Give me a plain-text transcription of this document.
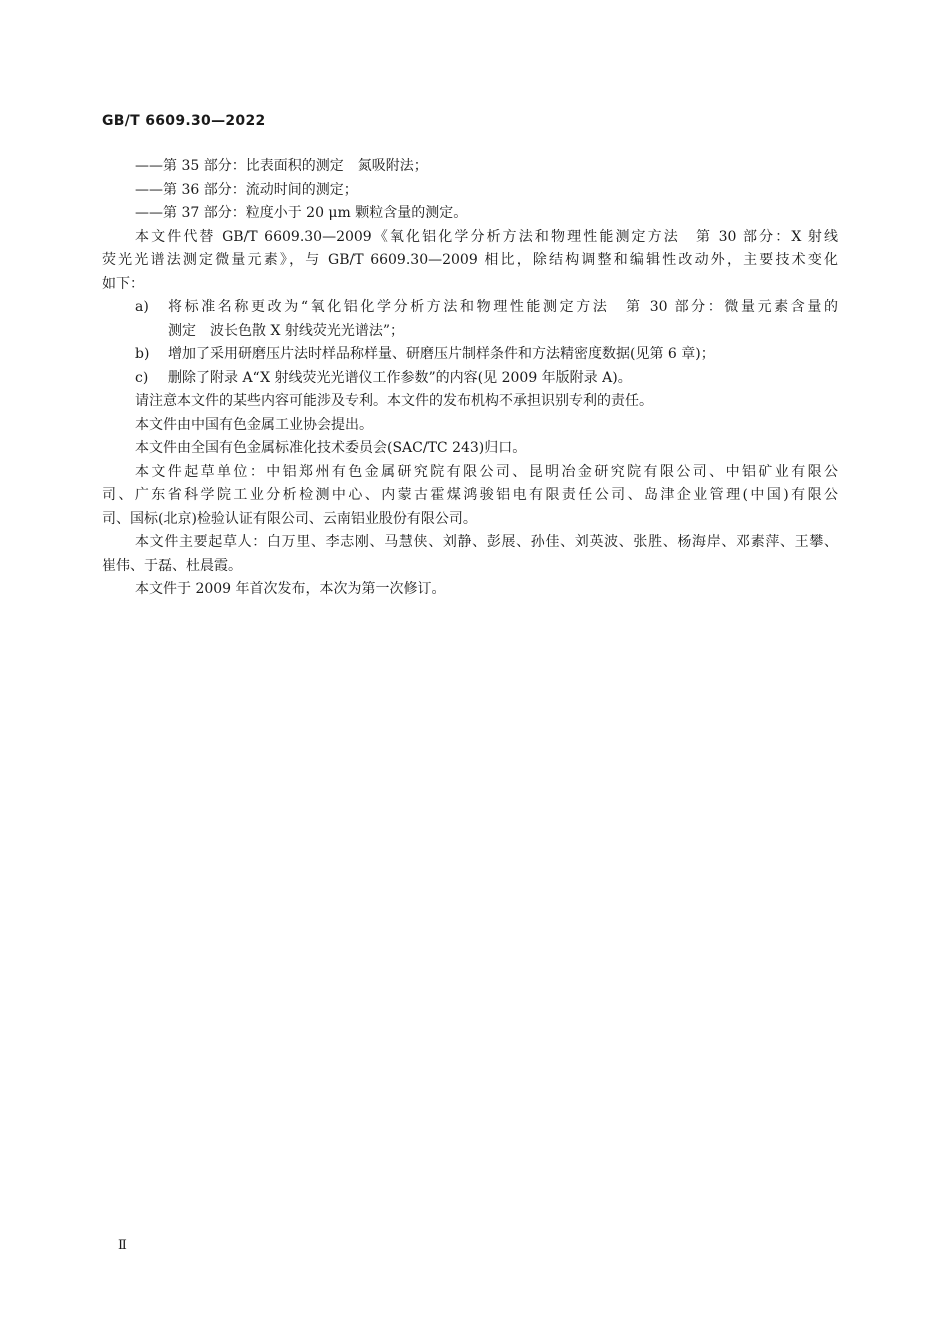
GB/T 6609.30—2022
——第 35 部分：比表面积的测定　氮吸附法；
——第 36 部分：流动时间的测定；
——第 37 部分：粒度小于 20 μm 颗粒含量的测定。
本文件代替 GB/T 6609.30—2009《氧化铝化学分析方法和物理性能测定方法　第 30 部分：X 射线
荧光光谱法测定微量元素》，与 GB/T 6609.30—2009 相比，除结构调整和编辑性改动外，主要技术变化
如下：
a)	将标准名称更改为“氧化铝化学分析方法和物理性能测定方法　第 30 部分：微量元素含量的
测定　波长色散 X 射线荧光光谱法”；
b)	增加了采用研磨压片法时样品称样量、研磨压片制样条件和方法精密度数据(见第 6 章)；
c)	删除了附录 A“X 射线荧光光谱仪工作参数”的内容(见 2009 年版附录 A)。
请注意本文件的某些内容可能涉及专利。本文件的发布机构不承担识别专利的责任。
本文件由中国有色金属工业协会提出。
本文件由全国有色金属标准化技术委员会(SAC/TC 243)归口。
本文件起草单位：中铝郑州有色金属研究院有限公司、昆明冶金研究院有限公司、中铝矿业有限公
司、广东省科学院工业分析检测中心、内蒙古霍煤鸿骏铝电有限责任公司、岛津企业管理(中国)有限公
司、国标(北京)检验认证有限公司、云南铝业股份有限公司。
本文件主要起草人：白万里、李志刚、马慧侠、刘静、彭展、孙佳、刘英波、张胜、杨海岸、邓素萍、王攀、
崔伟、于磊、杜晨霞。
本文件于 2009 年首次发布，本次为第一次修订。
Ⅱ
